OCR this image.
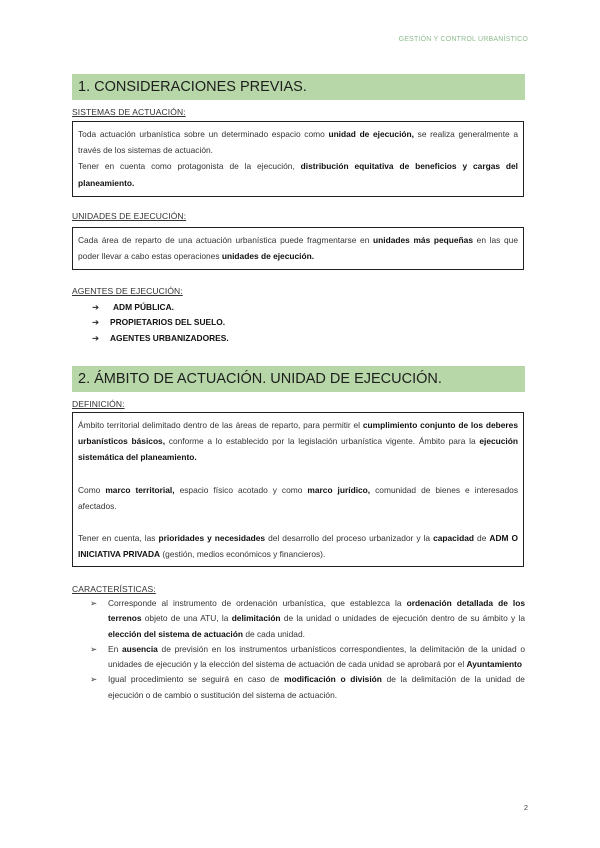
GESTIÓN Y CONTROL URBANÍSTICO
1. CONSIDERACIONES PREVIAS.
SISTEMAS DE ACTUACIÓN:

Toda actuación urbanística sobre un determinado espacio como unidad de ejecución, se realiza generalmente a través de los sistemas de actuación.

Tener en cuenta como protagonista de la ejecución, distribución equitativa de beneficios y cargas del planeamiento.

UNIDADES DE EJECUCIÓN:

Cada área de reparto de una actuación urbanística puede fragmentarse en unidades más pequeñas en las que poder llevar a cabo estas operaciones unidades de ejecución.

AGENTES DE EJECUCIÓN:
➔	ADM PÚBLICA.
➔	PROPIETARIOS DEL SUELO.
➔	AGENTES URBANIZADORES.
2. ÁMBITO DE ACTUACIÓN. UNIDAD DE EJECUCIÓN.
DEFINICIÓN:

Ámbito territorial delimitado dentro de las áreas de reparto, para permitir el cumplimiento conjunto de los deberes urbanísticos básicos, conforme a lo establecido por la legislación urbanística vigente. Ámbito para la ejecución sistemática del planeamiento.

Como marco territorial, espacio físico acotado y como marco jurídico, comunidad de bienes e interesados afectados.

Tener en cuenta, las prioridades y necesidades del desarrollo del proceso urbanizador y la capacidad de ADM O INICIATIVA PRIVADA (gestión, medios económicos y financieros).

CARACTERÍSTICAS:
➢	Corresponde al instrumento de ordenación urbanística, que establezca la ordenación detallada de los terrenos objeto de una ATU, la delimitación de la unidad o unidades de ejecución dentro de su ámbito y la elección del sistema de actuación de cada unidad.
➢	En ausencia de previsión en los instrumentos urbanísticos correspondientes, la delimitación de la unidad o unidades de ejecución y la elección del sistema de actuación de cada unidad se aprobará por el Ayuntamiento
➢	Igual procedimiento se seguirá en caso de modificación o división de la delimitación de la unidad de ejecución o de cambio o sustitución del sistema de actuación.
2
